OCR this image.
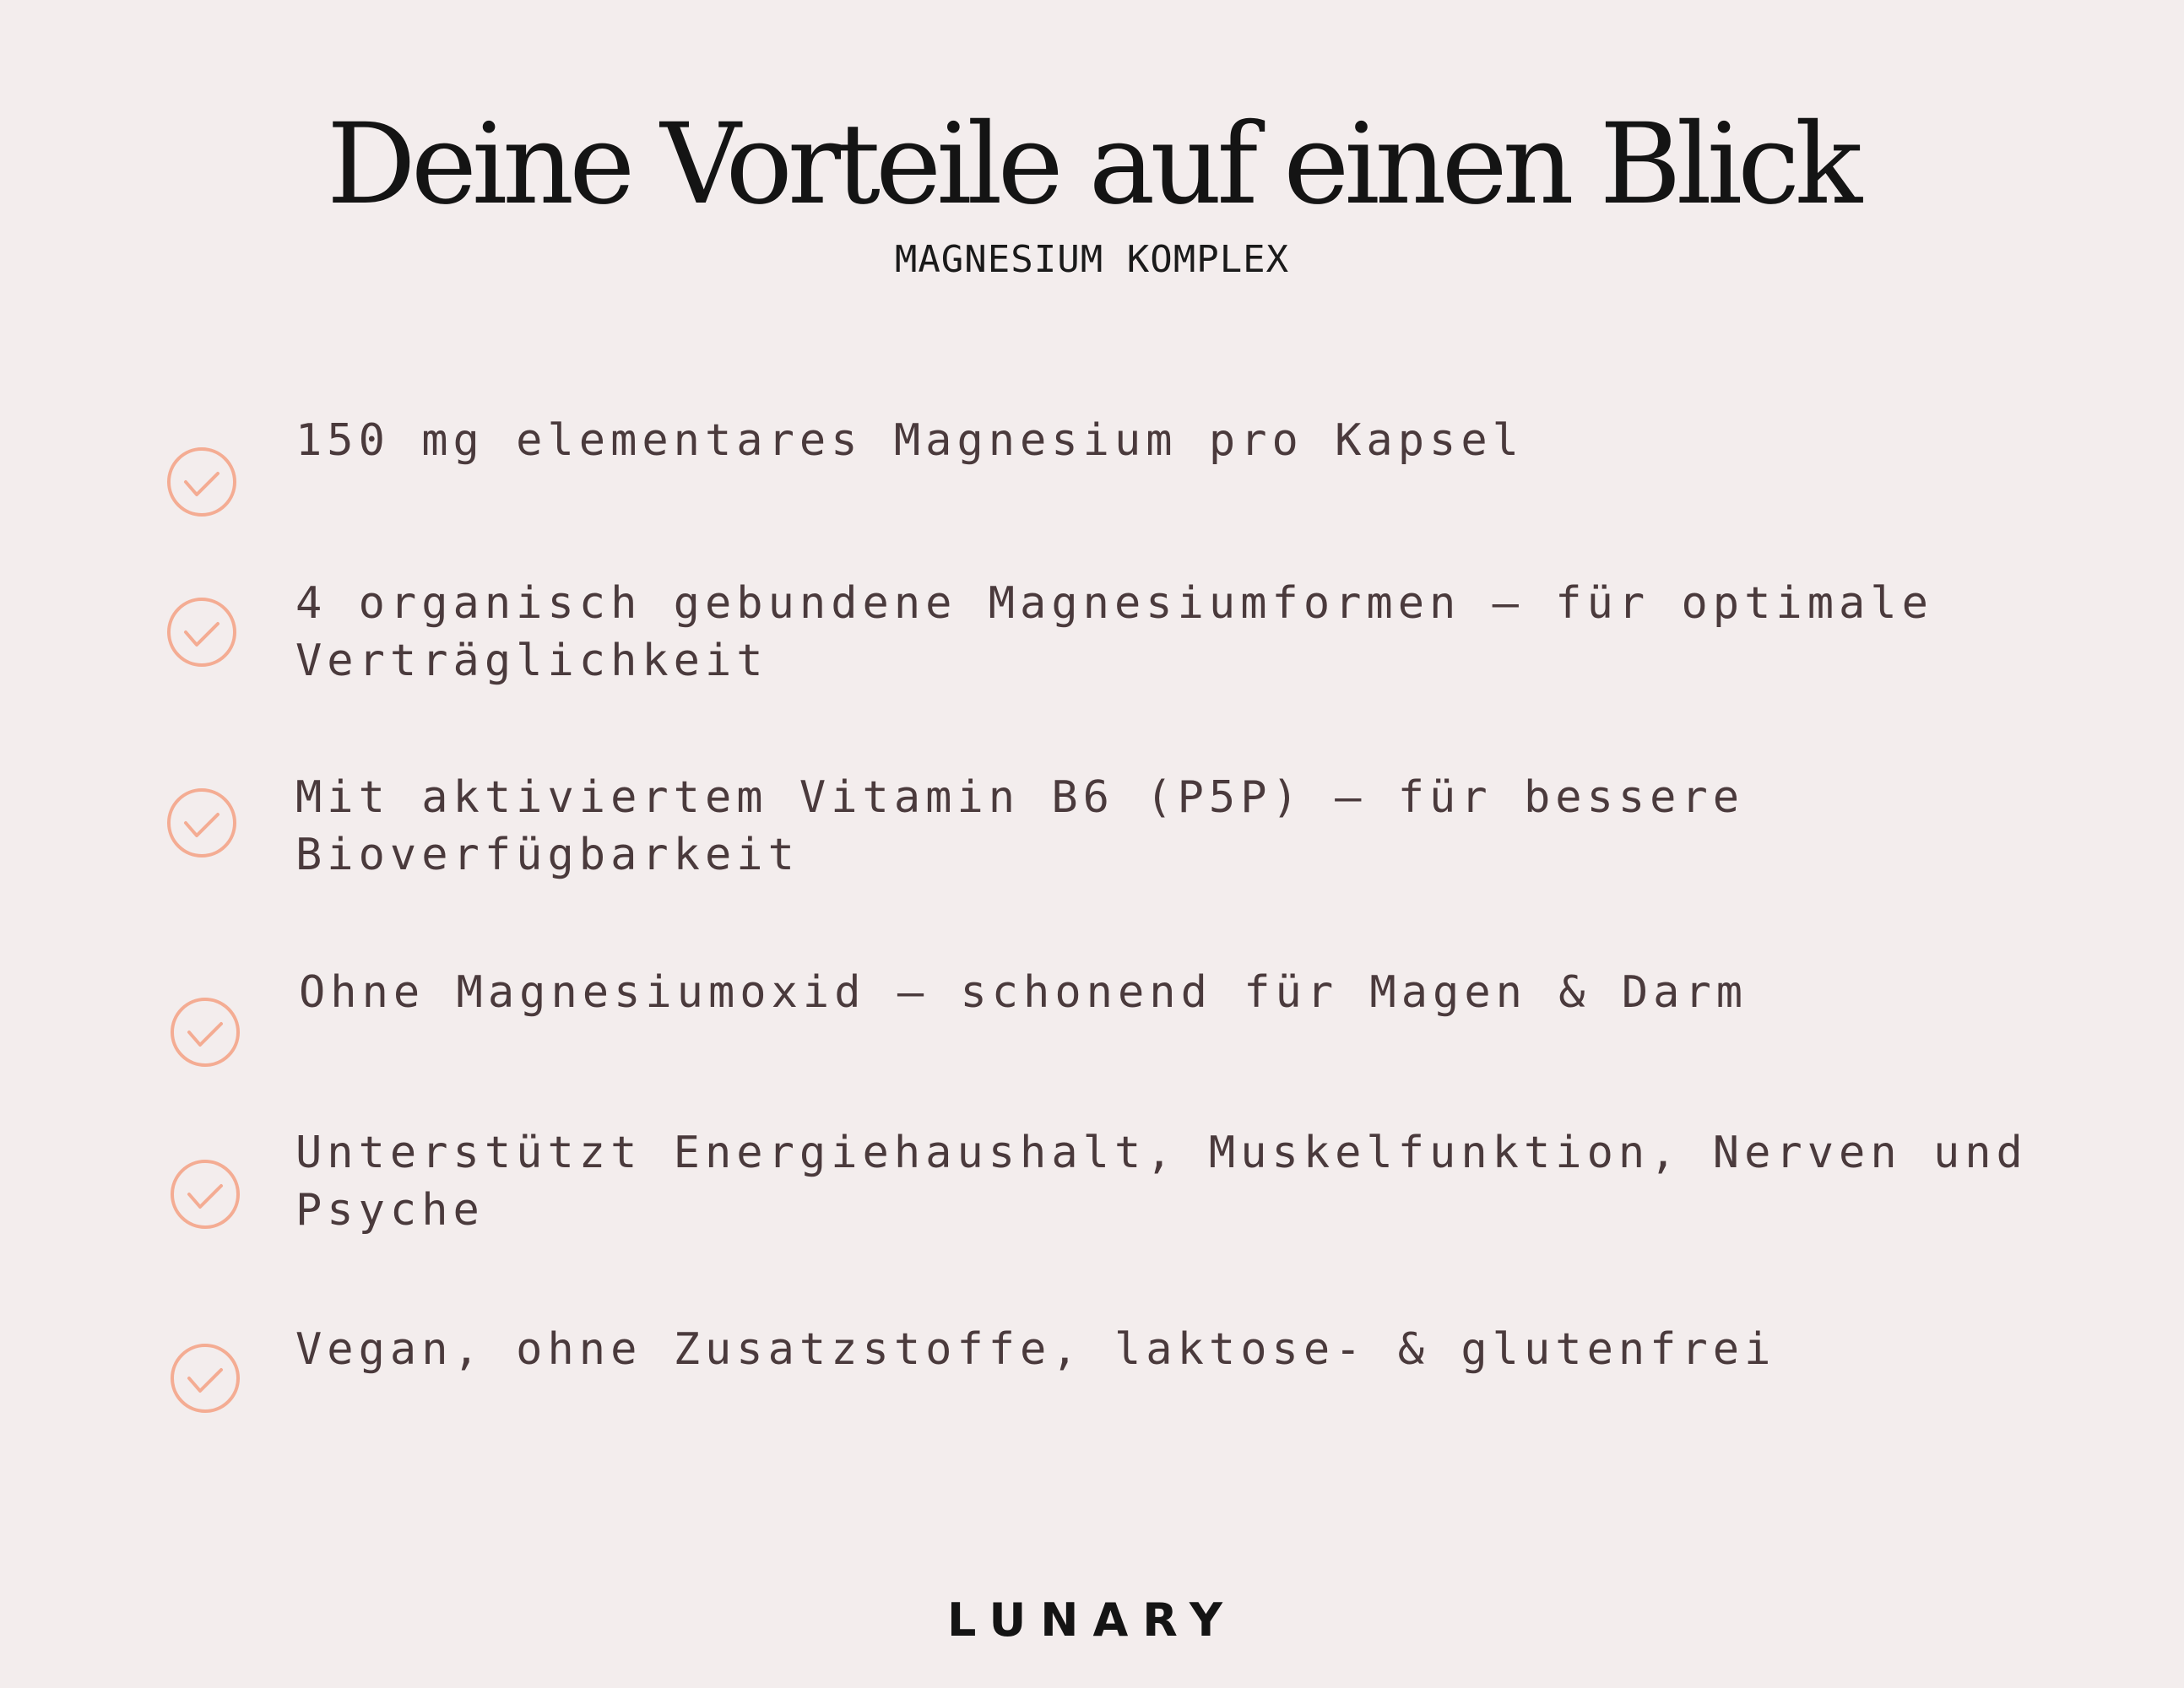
Deine Vorteile auf einen Blick
MAGNESIUM KOMPLEX
150 mg elementares Magnesium pro Kapsel
4 organisch gebundene Magnesiumformen – für optimale Verträglichkeit
Mit aktiviertem Vitamin B6 (P5P) – für bessere Bioverfügbarkeit
Ohne Magnesiumoxid – schonend für Magen & Darm
Unterstützt Energiehaushalt, Muskelfunktion, Nerven und Psyche
Vegan, ohne Zusatzstoffe, laktose- & glutenfrei
LUNARY
